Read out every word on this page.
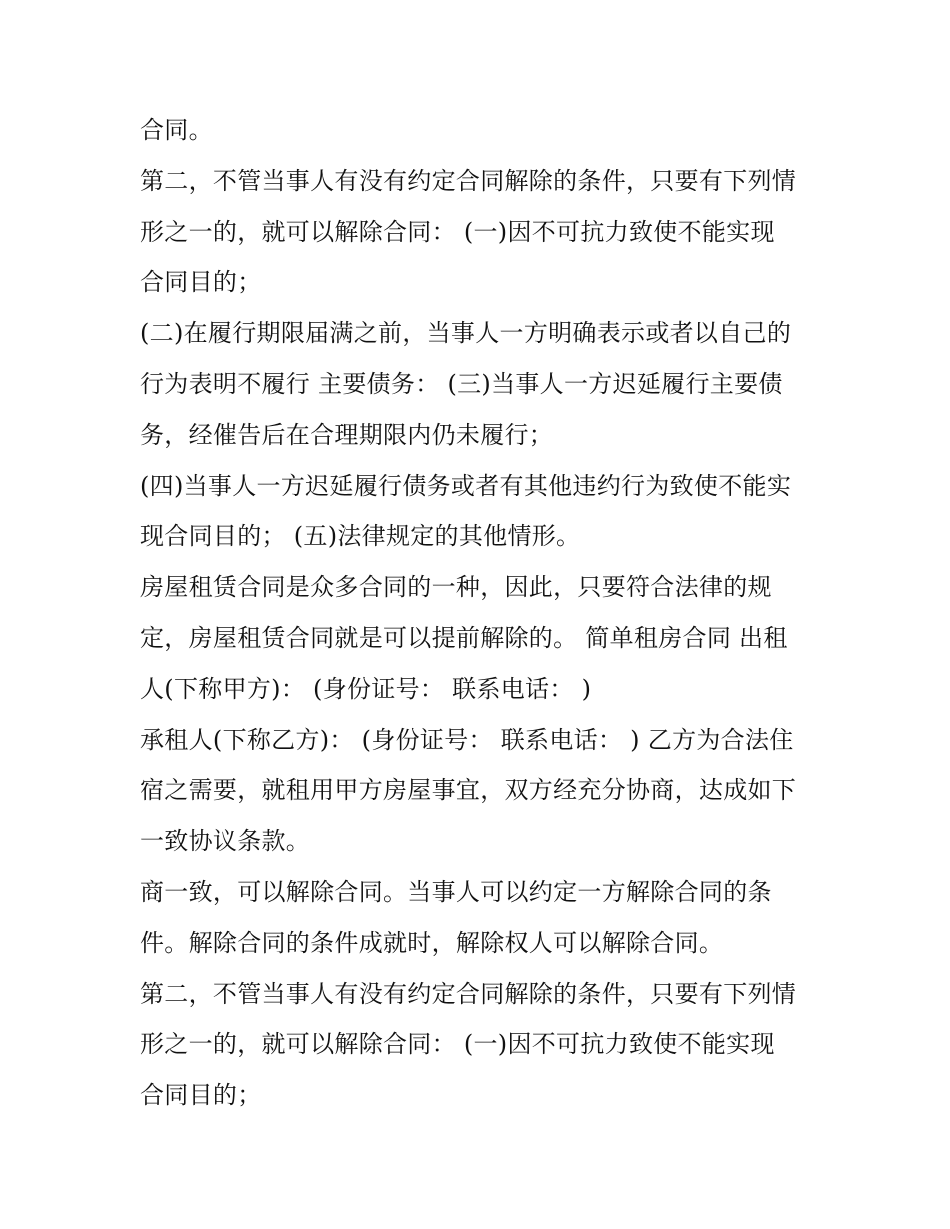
合同。
第二，不管当事人有没有约定合同解除的条件，只要有下列情
形之一的，就可以解除合同： (一)因不可抗力致使不能实现
合同目的；
(二)在履行期限届满之前，当事人一方明确表示或者以自己的
行为表明不履行 主要债务： (三)当事人一方迟延履行主要债
务，经催告后在合理期限内仍未履行；
(四)当事人一方迟延履行债务或者有其他违约行为致使不能实
现合同目的； (五)法律规定的其他情形。
房屋租赁合同是众多合同的一种，因此，只要符合法律的规
定，房屋租赁合同就是可以提前解除的。 简单租房合同 出租
人(下称甲方)： (身份证号： 联系电话： )
承租人(下称乙方)： (身份证号： 联系电话： ) 乙方为合法住
宿之需要，就租用甲方房屋事宜，双方经充分协商，达成如下
一致协议条款。
商一致，可以解除合同。当事人可以约定一方解除合同的条
件。解除合同的条件成就时，解除权人可以解除合同。
第二，不管当事人有没有约定合同解除的条件，只要有下列情
形之一的，就可以解除合同： (一)因不可抗力致使不能实现
合同目的；
